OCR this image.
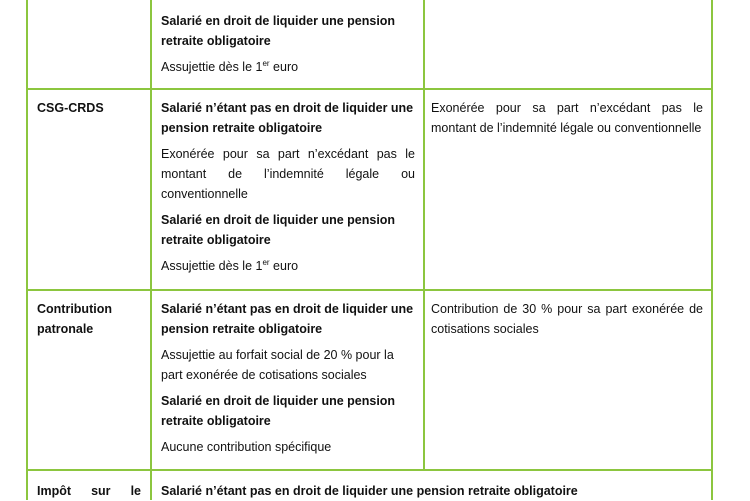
Salarié en droit de liquider une pension retraite obligatoire

Assujettie dès le 1er euro

CSG-CRDS	Salarié n’étant pas en droit de liquider une pension retraite obligatoire

Exonérée pour sa part n’excédant pas le montant de l’indemnité légale ou conventionnelle

Salarié en droit de liquider une pension retraite obligatoire

Assujettie dès le 1er euro

Exonérée pour sa part n’excédant pas le montant de l’indemnité légale ou conventionnelle
Contribution patronale

Salarié n’étant pas en droit de liquider une pension retraite obligatoire

Assujettie au forfait social de 20 % pour la part exonérée de cotisations sociales

Salarié en droit de liquider une pension retraite obligatoire

Aucune contribution spécifique

Contribution de 30 % pour sa part exonérée de cotisations sociales
Impôt sur le Salarié n’étant pas en droit de liquider une pension retraite obligatoire
